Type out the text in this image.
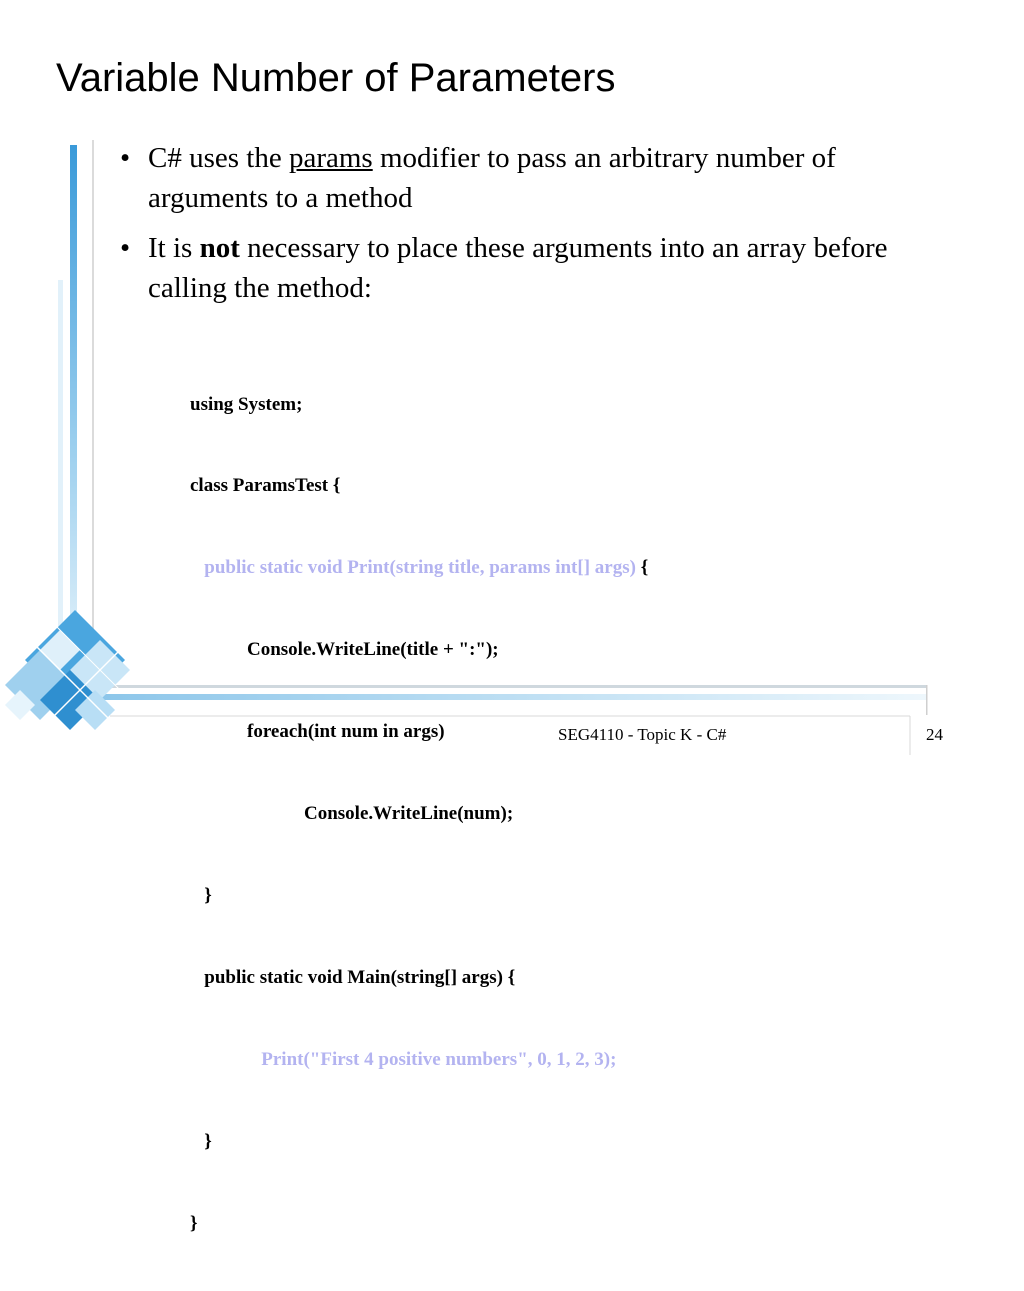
Variable Number of Parameters
• C# uses the params modifier to pass an arbitrary number of arguments to a method
• It is not necessary to place these arguments into an array before calling the method:

using System;

class ParamsTest {

public static void Print(string title, params int[] args) {

Console.WriteLine(title + ":");

foreach(int num in args)

Console.WriteLine(num);

}

public static void Main(string[] args) {

Print("First 4 positive numbers", 0, 1, 2, 3);

}

}

SEG4110 - Topic K - C#	24
